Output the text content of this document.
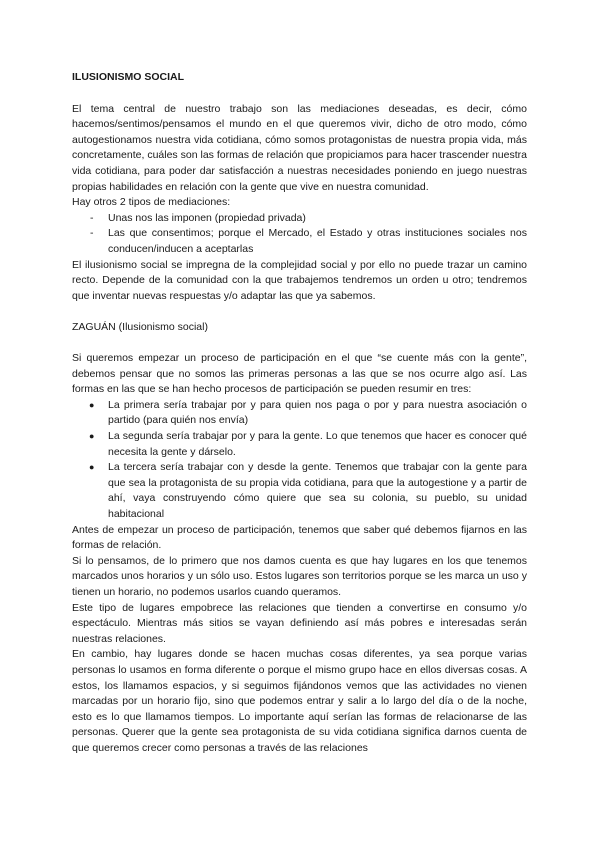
ILUSIONISMO SOCIAL

El tema central de nuestro trabajo son las mediaciones deseadas, es decir, cómo hacemos/sentimos/pensamos el mundo en el que queremos vivir, dicho de otro modo, cómo autogestionamos nuestra vida cotidiana, cómo somos protagonistas de nuestra propia vida, más concretamente, cuáles son las formas de relación que propiciamos para hacer trascender nuestra vida cotidiana, para poder dar satisfacción a nuestras necesidades poniendo en juego nuestras propias habilidades en relación con la gente que vive en nuestra comunidad.

Hay otros 2 tipos de mediaciones:

- Unas nos las imponen (propiedad privada)
- Las que consentimos; porque el Mercado, el Estado y otras instituciones sociales nos conducen/inducen a aceptarlas

El ilusionismo social se impregna de la complejidad social y por ello no puede trazar un camino recto. Depende de la comunidad con la que trabajemos tendremos un orden u otro; tendremos que inventar nuevas respuestas y/o adaptar las que ya sabemos.

ZAGUÁN (Ilusionismo social)

Si queremos empezar un proceso de participación en el que “se cuente más con la gente”, debemos pensar que no somos las primeras personas a las que se nos ocurre algo así. Las formas en las que se han hecho procesos de participación se pueden resumir en tres:

● La primera sería trabajar por y para quien nos paga o por y para nuestra asociación o partido (para quién nos envía)
● La segunda sería trabajar por y para la gente. Lo que tenemos que hacer es conocer qué necesita la gente y dárselo.
● La tercera sería trabajar con y desde la gente. Tenemos que trabajar con la gente para que sea la protagonista de su propia vida cotidiana, para que la autogestione y a partir de ahí, vaya construyendo cómo quiere que sea su colonia, su pueblo, su unidad habitacional

Antes de empezar un proceso de participación, tenemos que saber qué debemos fijarnos en las formas de relación.

Si lo pensamos, de lo primero que nos damos cuenta es que hay lugares en los que tenemos marcados unos horarios y un sólo uso. Estos lugares son territorios porque se les marca un uso y tienen un horario, no podemos usarlos cuando queramos.

Este tipo de lugares empobrece las relaciones que tienden a convertirse en consumo y/o espectáculo. Mientras más sitios se vayan definiendo así más pobres e interesadas serán nuestras relaciones.

En cambio, hay lugares donde se hacen muchas cosas diferentes, ya sea porque varias personas lo usamos en forma diferente o porque el mismo grupo hace en ellos diversas cosas. A estos, los llamamos espacios, y si seguimos fijándonos vemos que las actividades no vienen marcadas por un horario fijo, sino que podemos entrar y salir a lo largo del día o de la noche, esto es lo que llamamos tiempos. Lo importante aquí serían las formas de relacionarse de las personas. Querer que la gente sea protagonista de su vida cotidiana significa darnos cuenta de que queremos crecer como personas a través de las relaciones
